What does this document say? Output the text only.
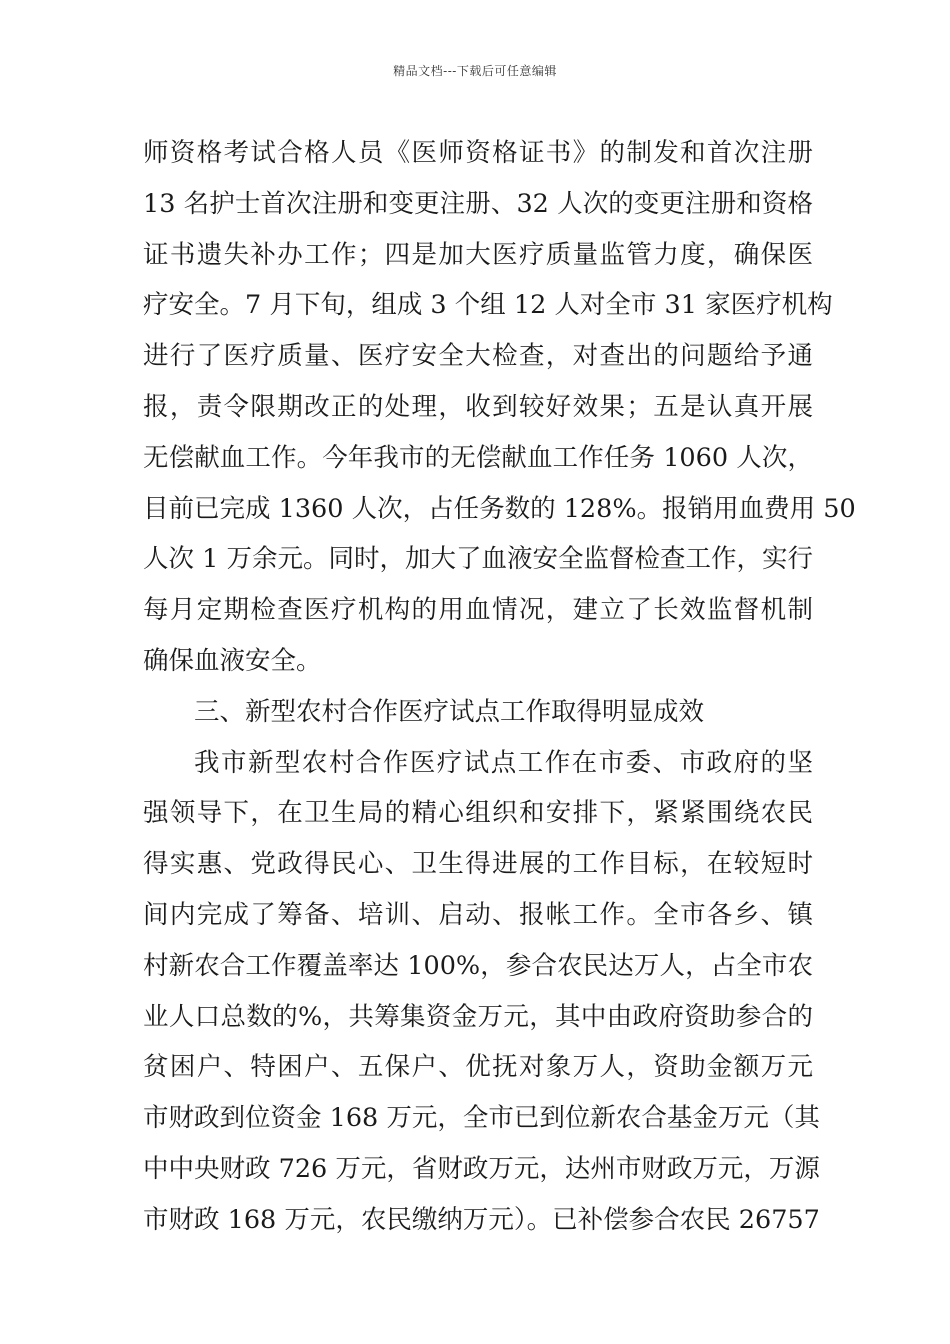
精品文档---下载后可任意编辑
师资格考试合格人员《医师资格证书》的制发和首次注册
13 名护士首次注册和变更注册、32 人次的变更注册和资格
证书遗失补办工作；四是加大医疗质量监管力度，确保医
疗安全。7 月下旬，组成 3 个组 12 人对全市 31 家医疗机构
进行了医疗质量、医疗安全大检查，对查出的问题给予通
报，责令限期改正的处理，收到较好效果；五是认真开展
无偿献血工作。今年我市的无偿献血工作任务 1060 人次，
目前已完成 1360 人次，占任务数的 128%。报销用血费用 50
人次 1 万余元。同时，加大了血液安全监督检查工作，实行
每月定期检查医疗机构的用血情况，建立了长效监督机制
确保血液安全。
三、新型农村合作医疗试点工作取得明显成效
我市新型农村合作医疗试点工作在市委、市政府的坚
强领导下，在卫生局的精心组织和安排下，紧紧围绕农民
得实惠、党政得民心、卫生得进展的工作目标，在较短时
间内完成了筹备、培训、启动、报帐工作。全市各乡、镇
村新农合工作覆盖率达 100%，参合农民达万人，占全市农
业人口总数的%，共筹集资金万元，其中由政府资助参合的
贫困户、特困户、五保户、优抚对象万人，资助金额万元
市财政到位资金 168 万元，全市已到位新农合基金万元（其
中中央财政 726 万元，省财政万元，达州市财政万元，万源
市财政 168 万元，农民缴纳万元）。已补偿参合农民 26757
